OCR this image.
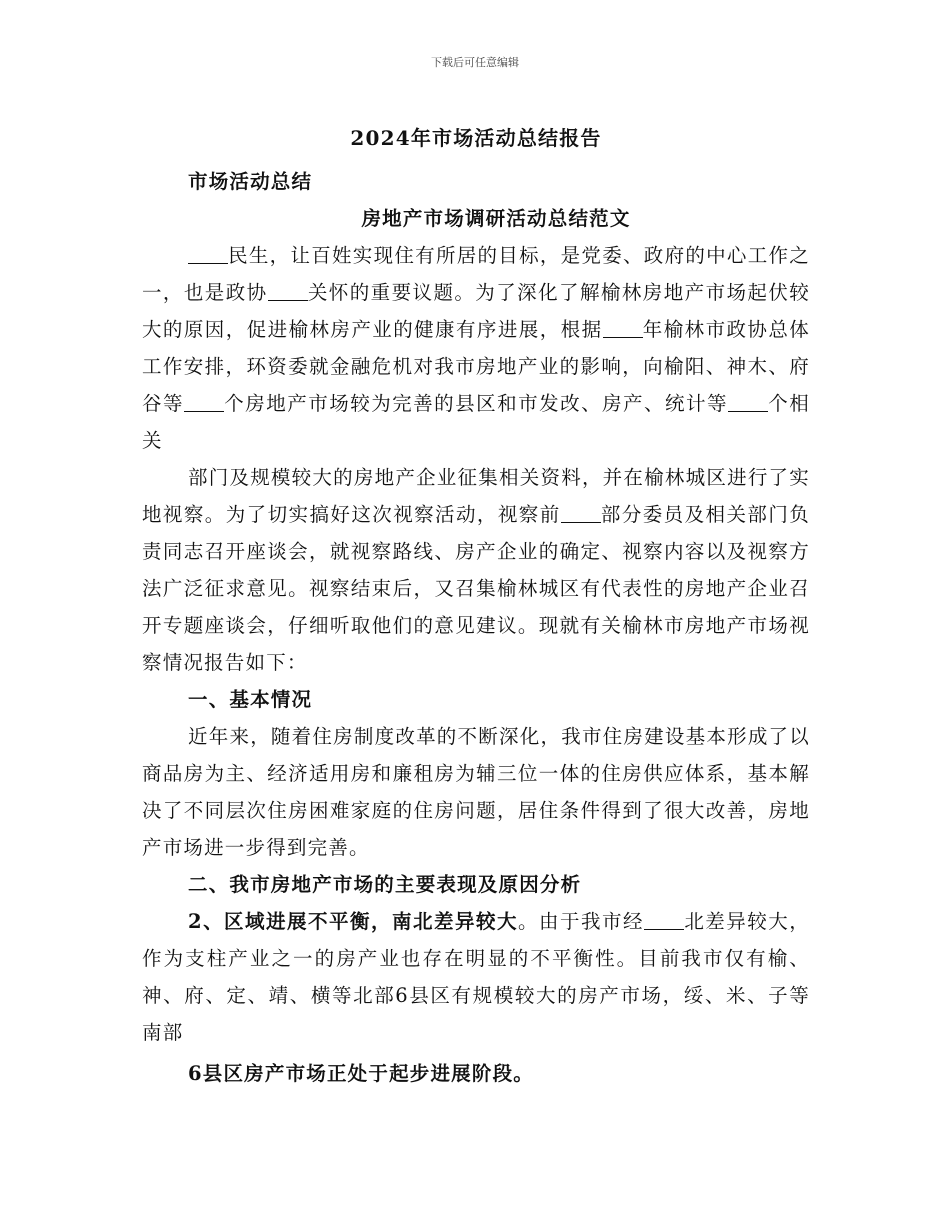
下载后可任意编辑
2024年市场活动总结报告
市场活动总结
房地产市场调研活动总结范文

民生，让百姓实现住有所居的目标，是党委、政府的中心工作之一，也是政协 关怀的重要议题。为了深化了解榆林房地产市场起伏较大的原因，促进榆林房产业的健康有序进展，根据 年榆林市政协总体工作安排，环资委就金融危机对我市房地产业的影响，向榆阳、神木、府谷等 个房地产市场较为完善的县区和市发改、房产、统计等 个相关

部门及规模较大的房地产企业征集相关资料，并在榆林城区进行了实地视察。为了切实搞好这次视察活动，视察前 部分委员及相关部门负责同志召开座谈会，就视察路线、房产企业的确定、视察内容以及视察方法广泛征求意见。视察结束后，又召集榆林城区有代表性的房地产企业召开专题座谈会，仔细听取他们的意见建议。现就有关榆林市房地产市场视察情况报告如下：

一、基本情况

近年来，随着住房制度改革的不断深化，我市住房建设基本形成了以商品房为主、经济适用房和廉租房为辅三位一体的住房供应体系，基本解决了不同层次住房困难家庭的住房问题，居住条件得到了很大改善，房地产市场进一步得到完善。

二、我市房地产市场的主要表现及原因分析

2、区域进展不平衡，南北差异较大。由于我市经 北差异较大，作为支柱产业之一的房产业也存在明显的不平衡性。目前我市仅有榆、神、府、定、靖、横等北部6县区有规模较大的房产市场，绥、米、子等南部

6县区房产市场正处于起步进展阶段。
